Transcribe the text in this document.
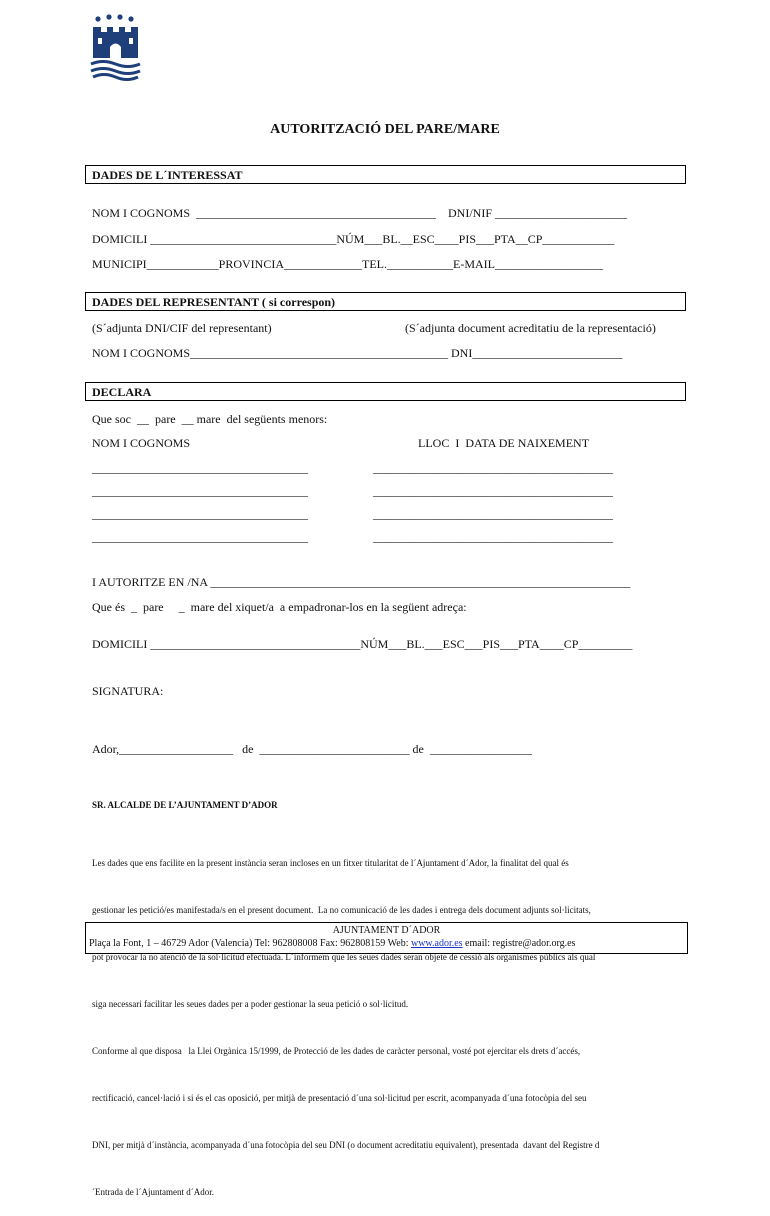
AUTORITZACIÓ DEL PARE/MARE
DADES DE L´INTERESSAT
NOM I COGNOMS  ________________________________________    DNI/NIF ______________________
DOMICILI _______________________________NÚM___BL.__ESC____PIS___PTA__CP____________
MUNICIPI____________PROVINCIA_____________TEL.___________E-MAIL__________________
DADES DEL REPRESENTANT ( si correspon)
(S´adjunta DNI/CIF del representant)	(S´adjunta document acreditatiu de la representació)
NOM I COGNOMS___________________________________________ DNI_________________________
DECLARA
Que soc  __  pare  __ mare  del següents menors:
NOM I COGNOMS	LLOC  I  DATA DE NAIXEMENT
____________________________________	________________________________________
____________________________________	________________________________________
____________________________________	________________________________________
____________________________________	________________________________________
I AUTORITZE EN /NA ______________________________________________________________________
Que és  _  pare     _  mare del xiquet/a  a empadronar-los en la següent adreça:
DOMICILI ___________________________________NÚM___BL.___ESC___PIS___PTA____CP_________
SIGNATURA:
Ador,___________________   de  _________________________ de  _________________
SR. ALCALDE DE L’AJUNTAMENT D’ADOR

Les dades que ens facilite en la present instància seran incloses en un fitxer titularitat de l´Ajuntament d´Ador, la finalitat del qual és

gestionar les petició/es manifestada/s en el present document.  La no comunicació de les dades i entrega dels document adjunts sol·licitats,

pot provocar la no atenció de la sol·licitud efectuada. L´informem que les seues dades seran objete de cessió als organismes públics als qual

siga necessari facilitar les seues dades per a poder gestionar la seua petició o sol·licitud.

Conforme al que disposa   la Llei Orgànica 15/1999, de Protecció de les dades de caràcter personal, vosté pot ejercitar els drets d´accés,

rectificació, cancel·lació i si és el cas oposició, per mitjà de presentació d´una sol·licitud per escrit, acompanyada d´una fotocòpia del seu

DNI, per mitjà d´instància, acompanyada d´una fotocòpia del seu DNI (o document acreditatiu equivalent), presentada  davant del Registre d

´Entrada de l´Ajuntament d´Ador.

AJUNTAMENT D´ADOR

Plaça la Font, 1 – 46729 Ador (Valencia) Tel: 962808008 Fax: 962808159 Web: www.ador.es email: registre@ador.org.es
